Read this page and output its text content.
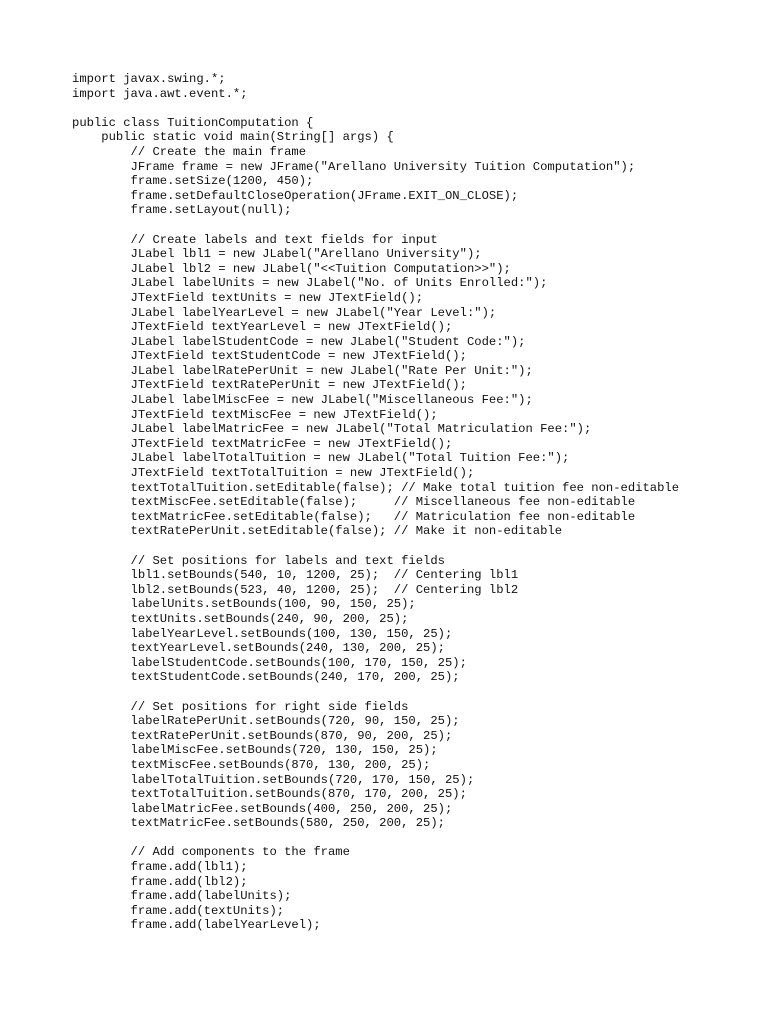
import javax.swing.*;
import java.awt.event.*;
public class TuitionComputation {
public static void main(String[] args) {
// Create the main frame
JFrame frame = new JFrame("Arellano University Tuition Computation");
frame.setSize(1200, 450);
frame.setDefaultCloseOperation(JFrame.EXIT_ON_CLOSE);
frame.setLayout(null);
// Create labels and text fields for input
JLabel lbl1 = new JLabel("Arellano University");
JLabel lbl2 = new JLabel("<<Tuition Computation>>");
JLabel labelUnits = new JLabel("No. of Units Enrolled:");
JTextField textUnits = new JTextField();
JLabel labelYearLevel = new JLabel("Year Level:");
JTextField textYearLevel = new JTextField();
JLabel labelStudentCode = new JLabel("Student Code:");
JTextField textStudentCode = new JTextField();
JLabel labelRatePerUnit = new JLabel("Rate Per Unit:");
JTextField textRatePerUnit = new JTextField();
JLabel labelMiscFee = new JLabel("Miscellaneous Fee:");
JTextField textMiscFee = new JTextField();
JLabel labelMatricFee = new JLabel("Total Matriculation Fee:");
JTextField textMatricFee = new JTextField();
JLabel labelTotalTuition = new JLabel("Total Tuition Fee:");
JTextField textTotalTuition = new JTextField();
textTotalTuition.setEditable(false); // Make total tuition fee non-editable
textMiscFee.setEditable(false);     // Miscellaneous fee non-editable
textMatricFee.setEditable(false);   // Matriculation fee non-editable
textRatePerUnit.setEditable(false); // Make it non-editable
// Set positions for labels and text fields
lbl1.setBounds(540, 10, 1200, 25);  // Centering lbl1
lbl2.setBounds(523, 40, 1200, 25);  // Centering lbl2
labelUnits.setBounds(100, 90, 150, 25);
textUnits.setBounds(240, 90, 200, 25);
labelYearLevel.setBounds(100, 130, 150, 25);
textYearLevel.setBounds(240, 130, 200, 25);
labelStudentCode.setBounds(100, 170, 150, 25);
textStudentCode.setBounds(240, 170, 200, 25);
// Set positions for right side fields
labelRatePerUnit.setBounds(720, 90, 150, 25);
textRatePerUnit.setBounds(870, 90, 200, 25);
labelMiscFee.setBounds(720, 130, 150, 25);
textMiscFee.setBounds(870, 130, 200, 25);
labelTotalTuition.setBounds(720, 170, 150, 25);
textTotalTuition.setBounds(870, 170, 200, 25);
labelMatricFee.setBounds(400, 250, 200, 25);
textMatricFee.setBounds(580, 250, 200, 25);
// Add components to the frame
frame.add(lbl1);
frame.add(lbl2);
frame.add(labelUnits);
frame.add(textUnits);
frame.add(labelYearLevel);
